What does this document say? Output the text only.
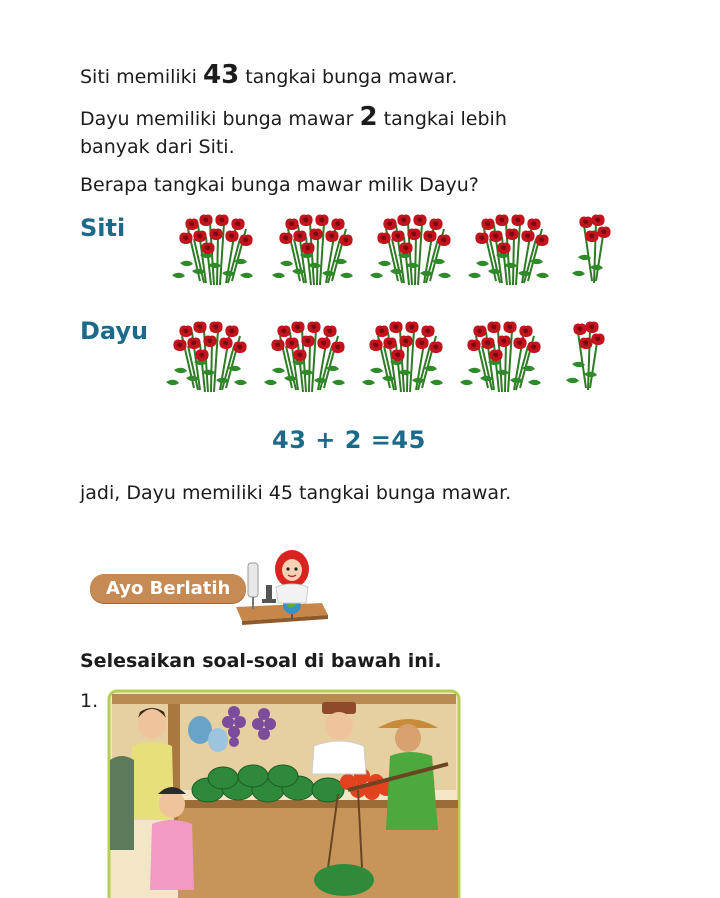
Siti memiliki 43 tangkai bunga mawar.
Dayu memiliki bunga mawar 2 tangkai lebih
banyak dari Siti.
Berapa tangkai bunga mawar milik Dayu?
Siti
Dayu
43 + 2 =45
jadi, Dayu memiliki 45 tangkai bunga mawar.
Ayo Berlatih
Selesaikan soal-soal di bawah ini.
1.
